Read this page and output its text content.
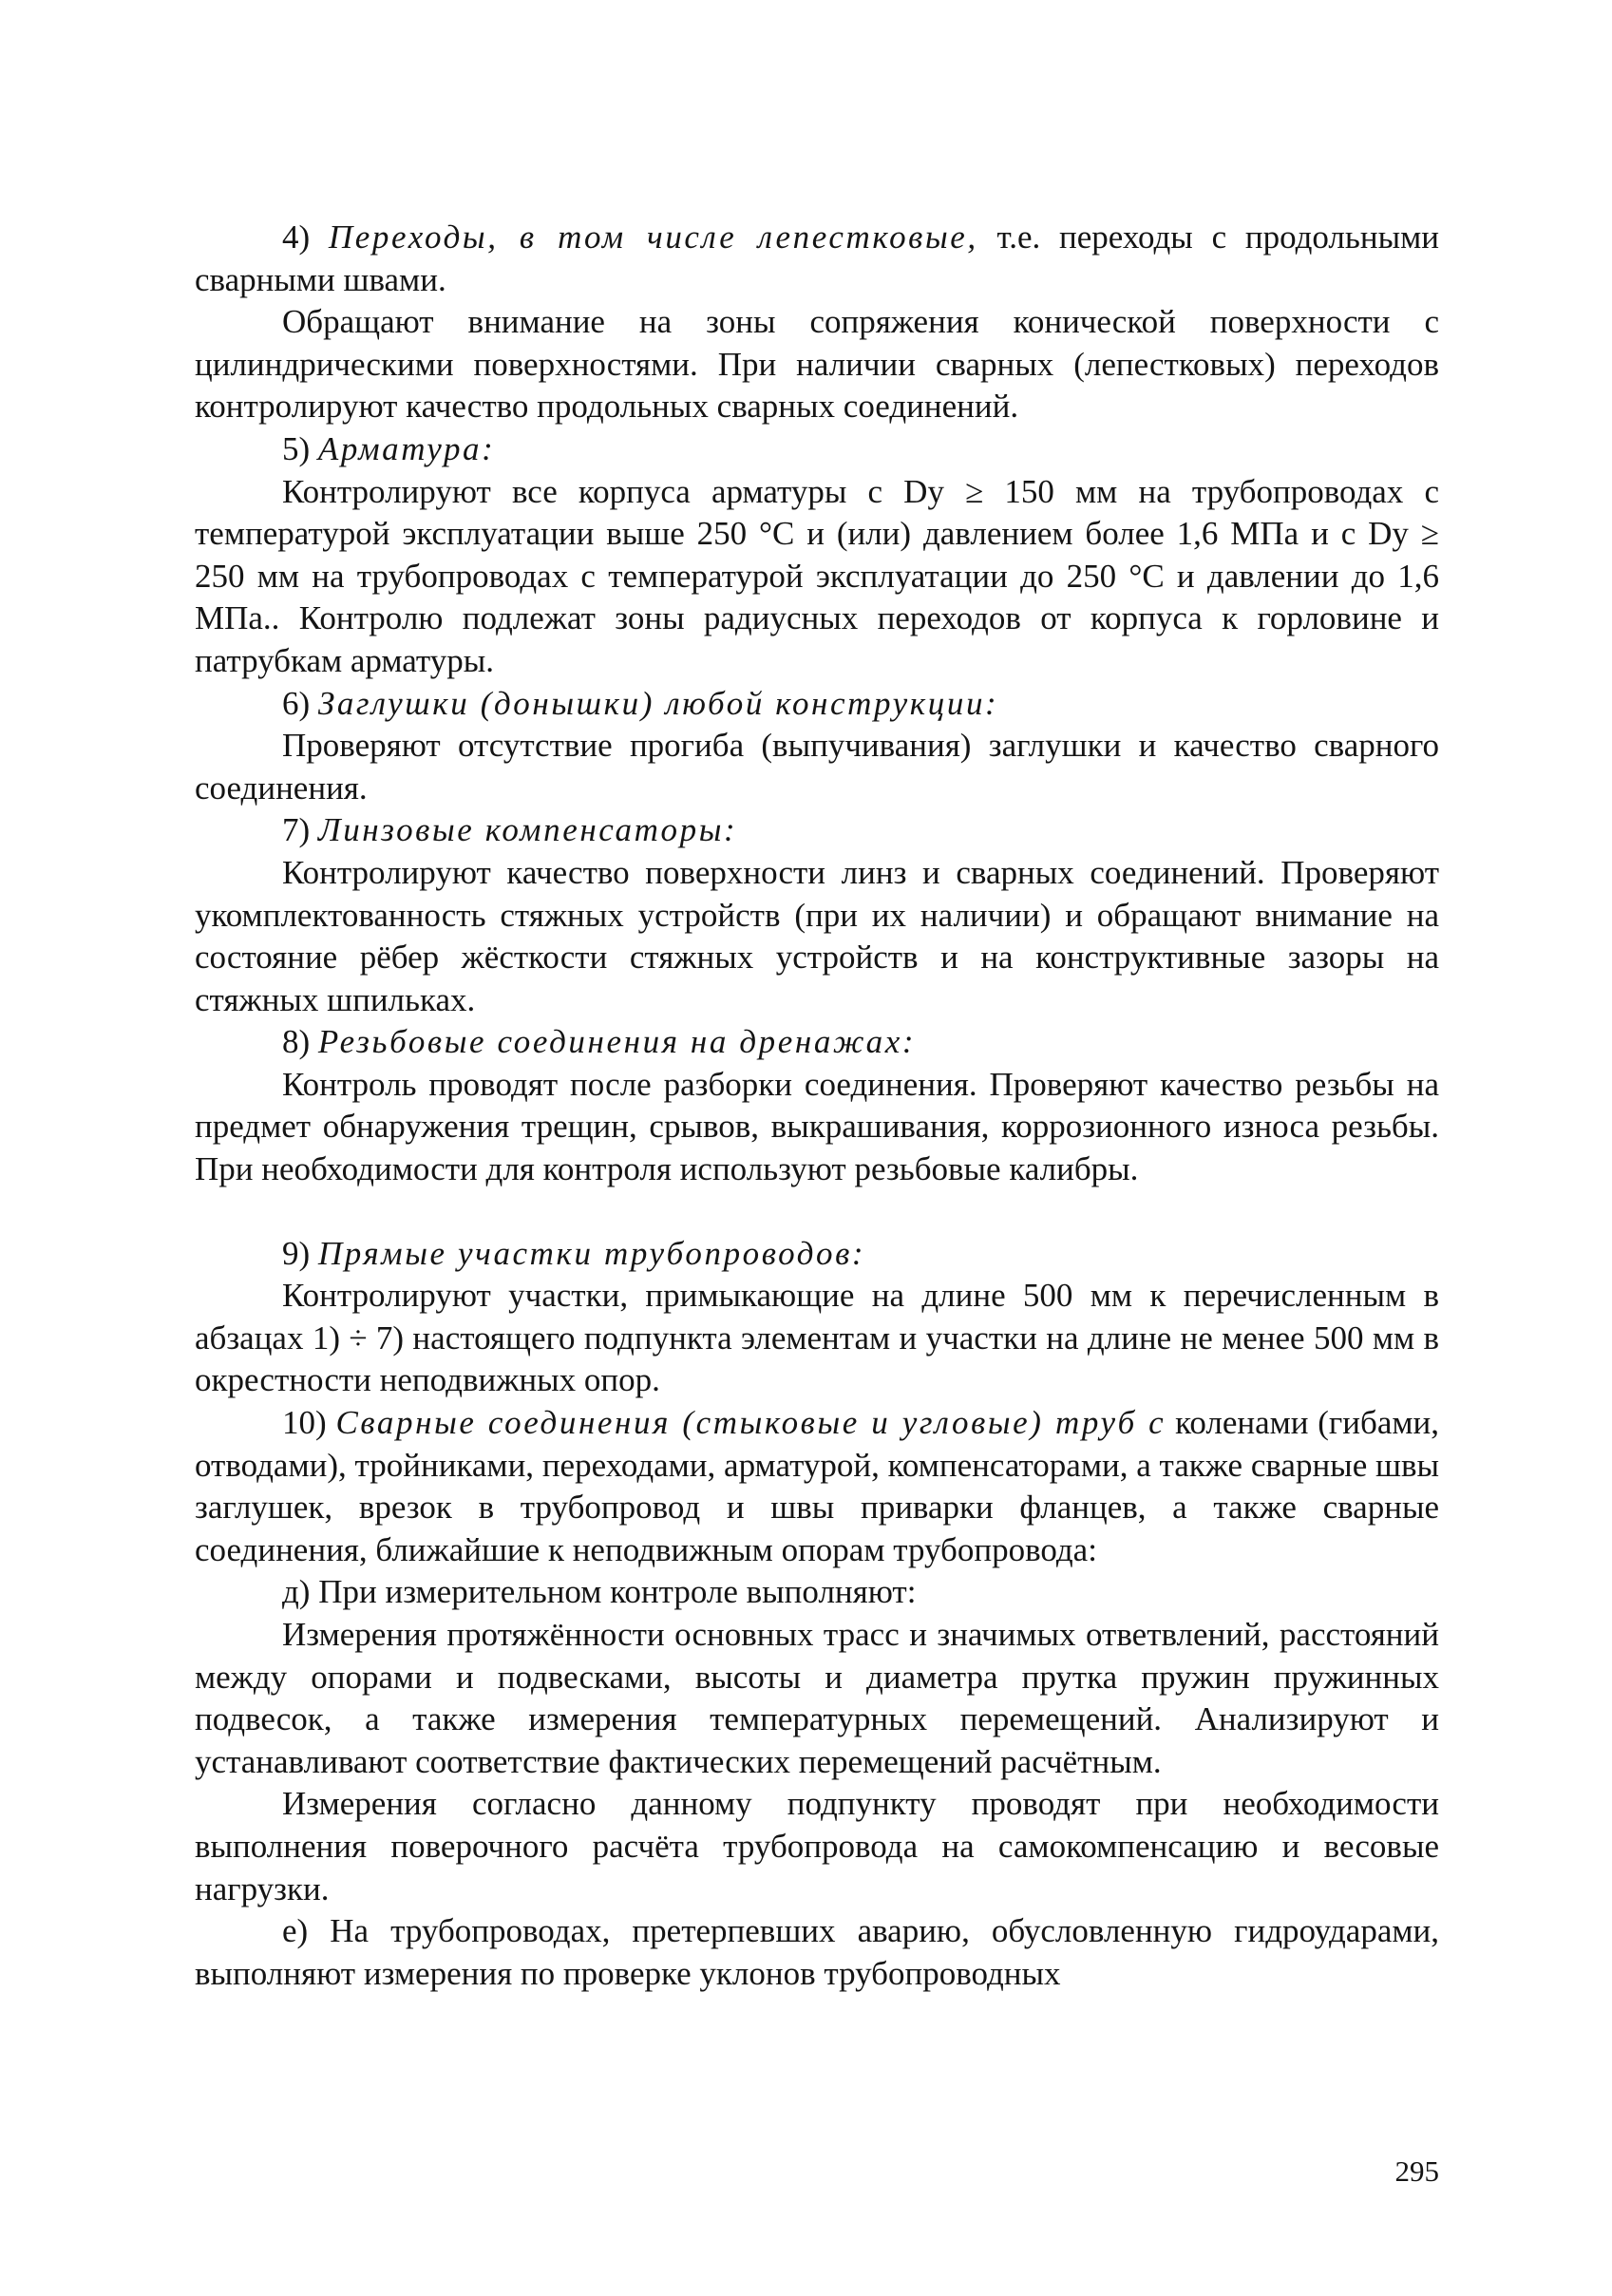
4) Переходы, в том числе лепестковые, т.е. переходы с продольными сварными швами.

Обращают внимание на зоны сопряжения конической поверхности с цилиндрическими поверхностями. При наличии сварных (лепестковых) переходов контролируют качество продольных сварных соединений.

5) Арматура:

Контролируют все корпуса арматуры с Dу ≥ 150 мм на трубопроводах с температурой эксплуатации выше 250 °С и (или) давлением более 1,6 МПа и с Dу ≥ 250 мм на трубопроводах с температурой эксплуатации до 250 °С и давлении до 1,6 МПа.. Контролю подлежат зоны радиусных переходов от корпуса к горловине и патрубкам арматуры.

6) Заглушки (донышки) любой конструкции:

Проверяют отсутствие прогиба (выпучивания) заглушки и качество сварного соединения.

7) Линзовые компенсаторы:

Контролируют качество поверхности линз и сварных соединений. Проверяют укомплектованность стяжных устройств (при их наличии) и обращают внимание на состояние рёбер жёсткости стяжных устройств и на конструктивные зазоры на стяжных шпильках.

8) Резьбовые соединения на дренажах:

Контроль проводят после разборки соединения. Проверяют качество резьбы на предмет обнаружения трещин, срывов, выкрашивания, коррозионного износа резьбы. При необходимости для контроля используют резьбовые калибры.

9) Прямые участки трубопроводов:

Контролируют участки, примыкающие на длине 500 мм к перечисленным в абзацах 1) ÷ 7) настоящего подпункта элементам и участки на длине не менее 500 мм в окрестности неподвижных опор.

10) Сварные соединения (стыковые и угловые) труб с коленами (гибами, отводами), тройниками, переходами, арматурой, компенсаторами, а также сварные швы заглушек, врезок в трубопровод и швы приварки фланцев, а также сварные соединения, ближайшие к неподвижным опорам трубопровода:

д) При измерительном контроле выполняют:

Измерения протяжённости основных трасс и значимых ответвлений, расстояний между опорами и подвесками, высоты и диаметра прутка пружин пружинных подвесок, а также измерения температурных перемещений. Анализируют и устанавливают соответствие фактических перемещений расчётным.

Измерения согласно данному подпункту проводят при необходимости выполнения поверочного расчёта трубопровода на самокомпенсацию и весовые нагрузки.

е) На трубопроводах, претерпевших аварию, обусловленную гидроударами, выполняют измерения по проверке уклонов трубопроводных

295
